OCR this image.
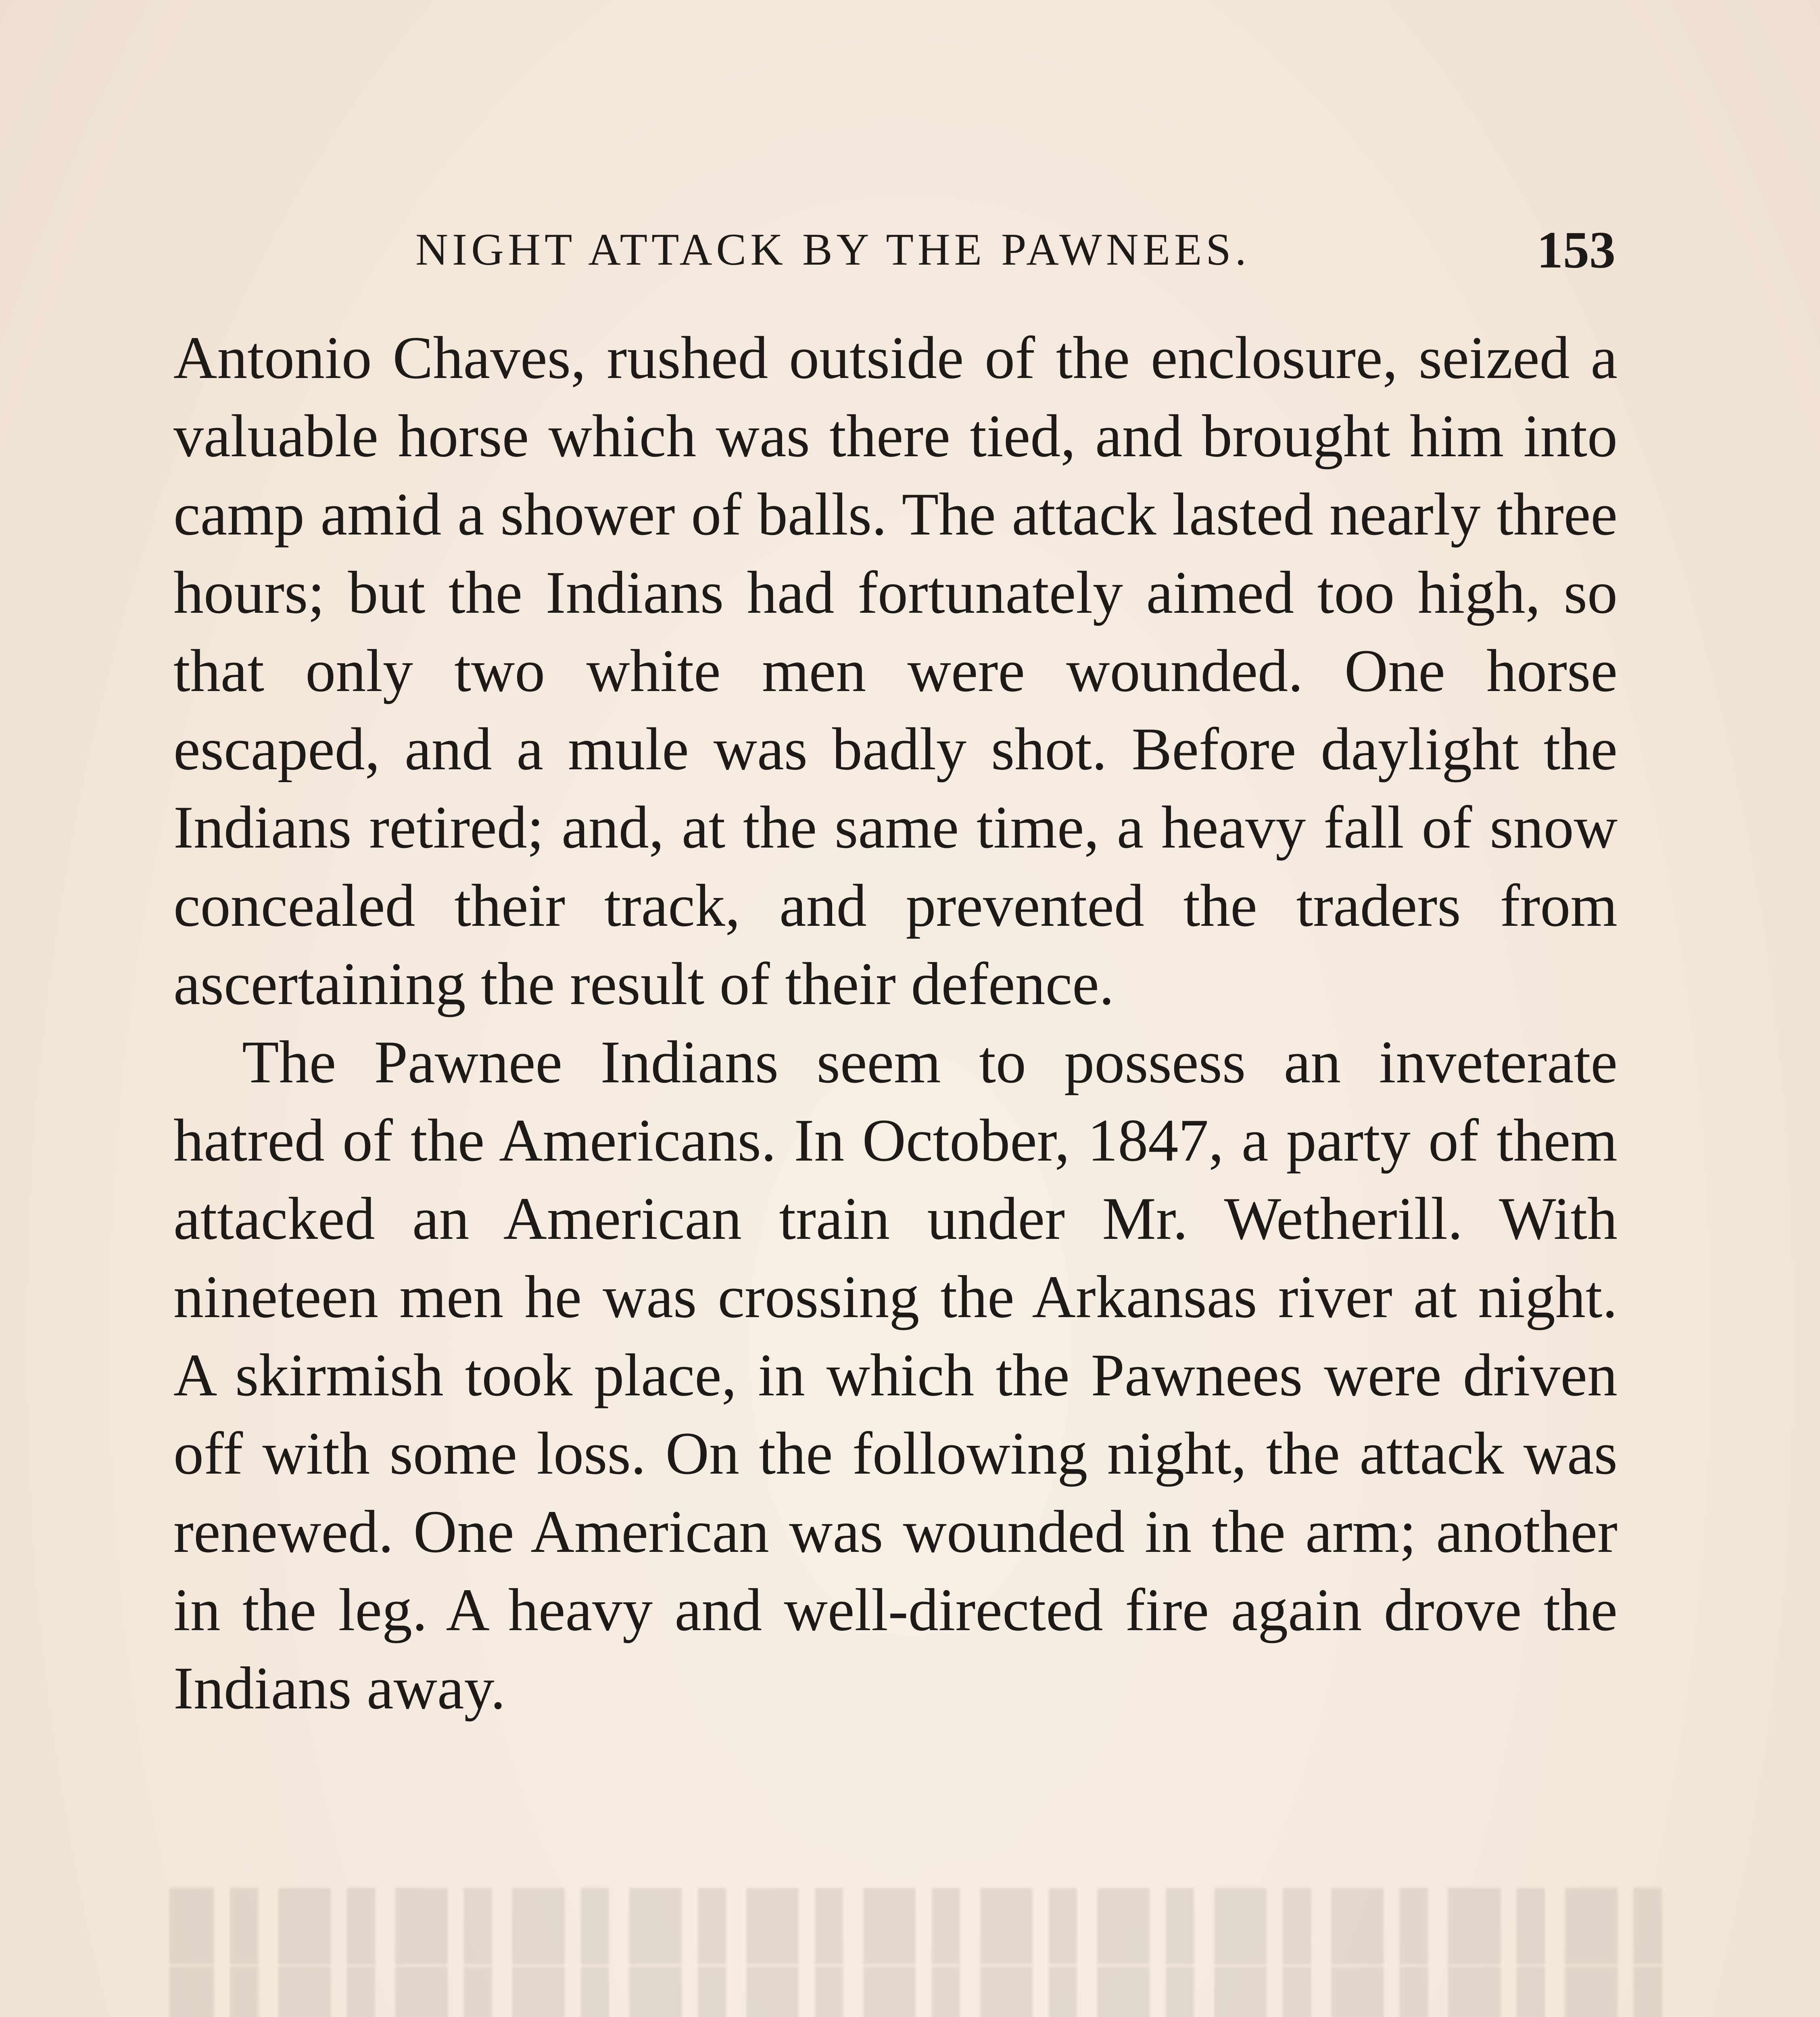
NIGHT ATTACK BY THE PAWNEES.	153

Antonio Chaves, rushed outside of the enclosure, seized a valuable horse which was there tied, and brought him into camp amid a shower of balls. The attack lasted nearly three hours; but the Indians had fortunately aimed too high, so that only two white men were wounded. One horse escaped, and a mule was badly shot. Before daylight the Indians retired; and, at the same time, a heavy fall of snow concealed their track, and prevented the traders from ascertaining the result of their defence.

The Pawnee Indians seem to possess an inveterate hatred of the Americans. In October, 1847, a party of them attacked an American train under Mr. Wetherill. With nineteen men he was crossing the Arkansas river at night. A skirmish took place, in which the Pawnees were driven off with some loss. On the following night, the attack was renewed. One American was wounded in the arm; another in the leg. A heavy and well-directed fire again drove the Indians away.
